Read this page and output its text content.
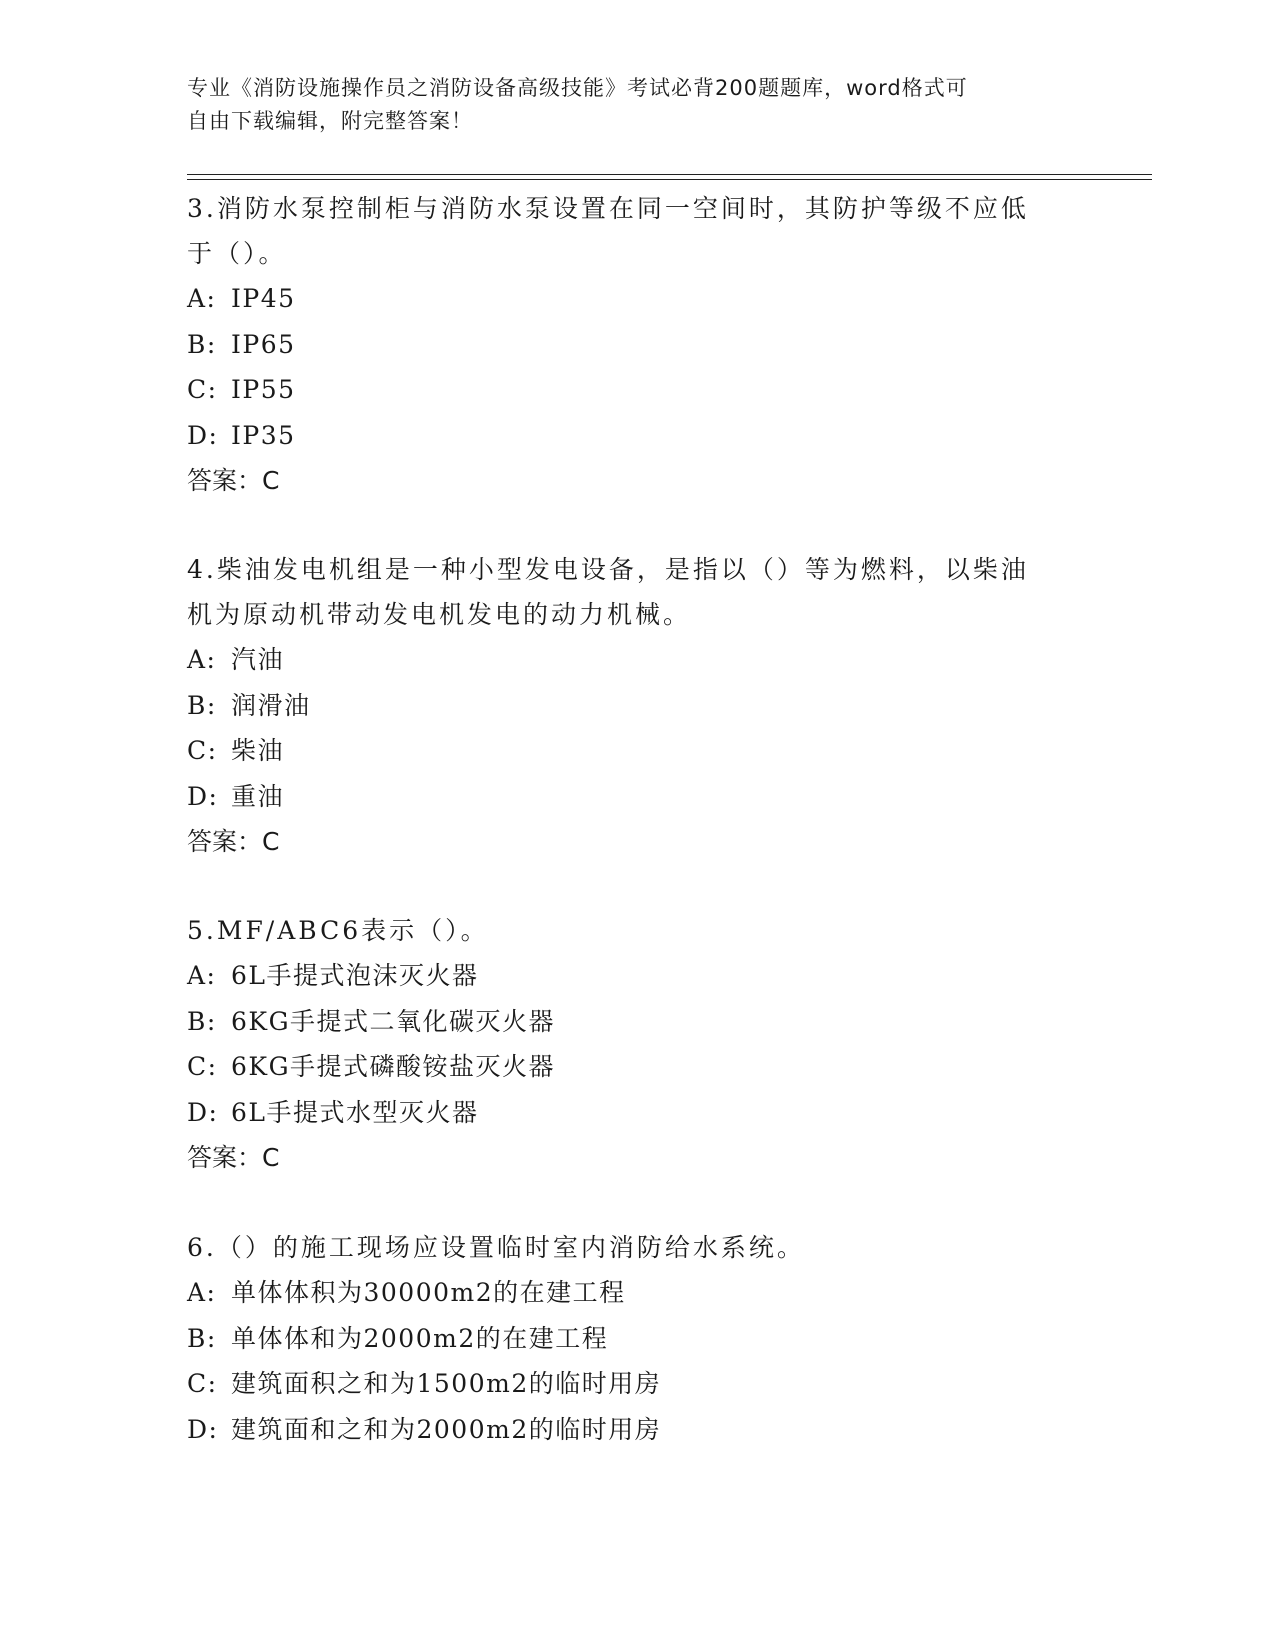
专业《消防设施操作员之消防设备高级技能》考试必背200题题库，word格式可
自由下载编辑，附完整答案！

3.消防水泵控制柜与消防水泵设置在同一空间时，其防护等级不应低

于（）。

A: IP45

B: IP65

C: IP55

D: IP35

答案：C

4.柴油发电机组是一种小型发电设备，是指以（）等为燃料，以柴油

机为原动机带动发电机发电的动力机械。

A: 汽油

B: 润滑油

C: 柴油

D: 重油

答案：C

5.MF/ABC6表示（）。

A: 6L手提式泡沫灭火器

B: 6KG手提式二氧化碳灭火器

C: 6KG手提式磷酸铵盐灭火器

D: 6L手提式水型灭火器

答案：C

6.（）的施工现场应设置临时室内消防给水系统。

A: 单体体积为30000m2的在建工程

B: 单体体和为2000m2的在建工程

C: 建筑面积之和为1500m2的临时用房

D: 建筑面和之和为2000m2的临时用房
